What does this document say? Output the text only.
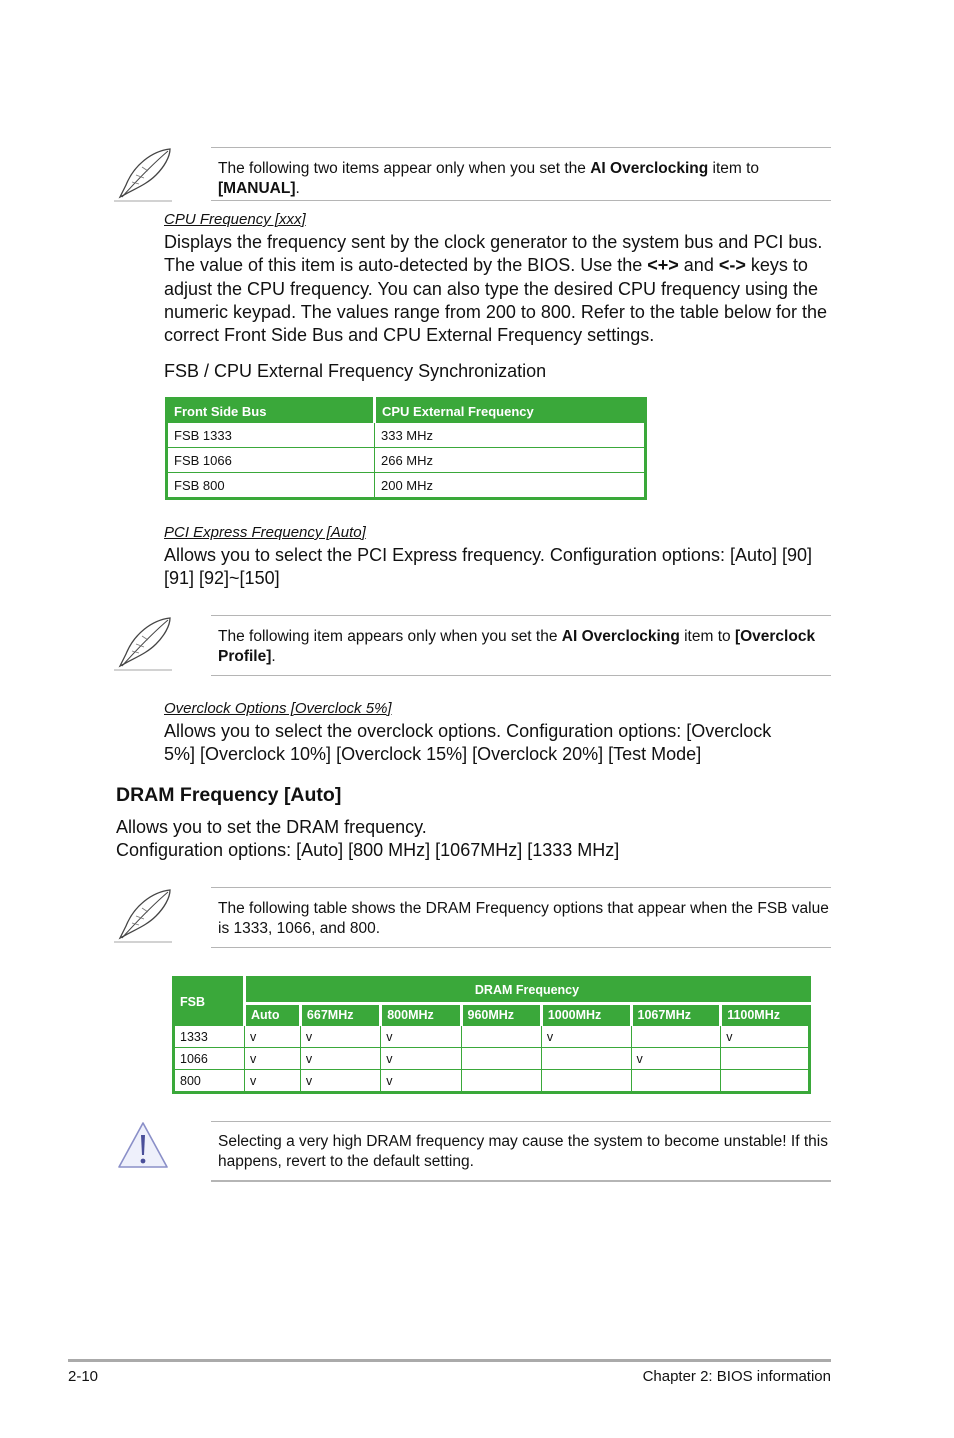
The following two items appear only when you set the AI Overclocking item to [MANUAL].
CPU Frequency [xxx]
Displays the frequency sent by the clock generator to the system bus and PCI bus. The value of this item is auto-detected by the BIOS. Use the <+> and <-> keys to adjust the CPU frequency. You can also type the desired CPU frequency using the numeric keypad. The values range from 200 to 800. Refer to the table below for the correct Front Side Bus and CPU External Frequency settings.
FSB / CPU External Frequency Synchronization
Front Side Bus	CPU External Frequency
FSB 1333	333 MHz
FSB 1066	266 MHz
FSB 800	200 MHz
PCI Express Frequency [Auto]
Allows you to select the PCI Express frequency. Configuration options: [Auto] [90] [91] [92]~[150]
The following item appears only when you set the AI Overclocking item to [Overclock Profile].
Overclock Options [Overclock 5%]
Allows you to select the overclock options. Configuration options: [Overclock 5%] [Overclock 10%] [Overclock 15%] [Overclock 20%] [Test Mode]
DRAM Frequency [Auto]
Allows you to set the DRAM frequency.
Configuration options: [Auto] [800 MHz] [1067MHz] [1333 MHz]
The following table shows the DRAM Frequency options that appear when the FSB value is 1333, 1066, and 800.
FSB	DRAM Frequency						
	Auto	667MHz	800MHz	960MHz	1000MHz	1067MHz	1100MHz
1333	v	v	v		v		v
1066	v	v	v			v	
800	v	v	v				
Selecting a very high DRAM frequency may cause the system to become unstable! If this happens, revert to the default setting.
2-10	Chapter 2: BIOS information
